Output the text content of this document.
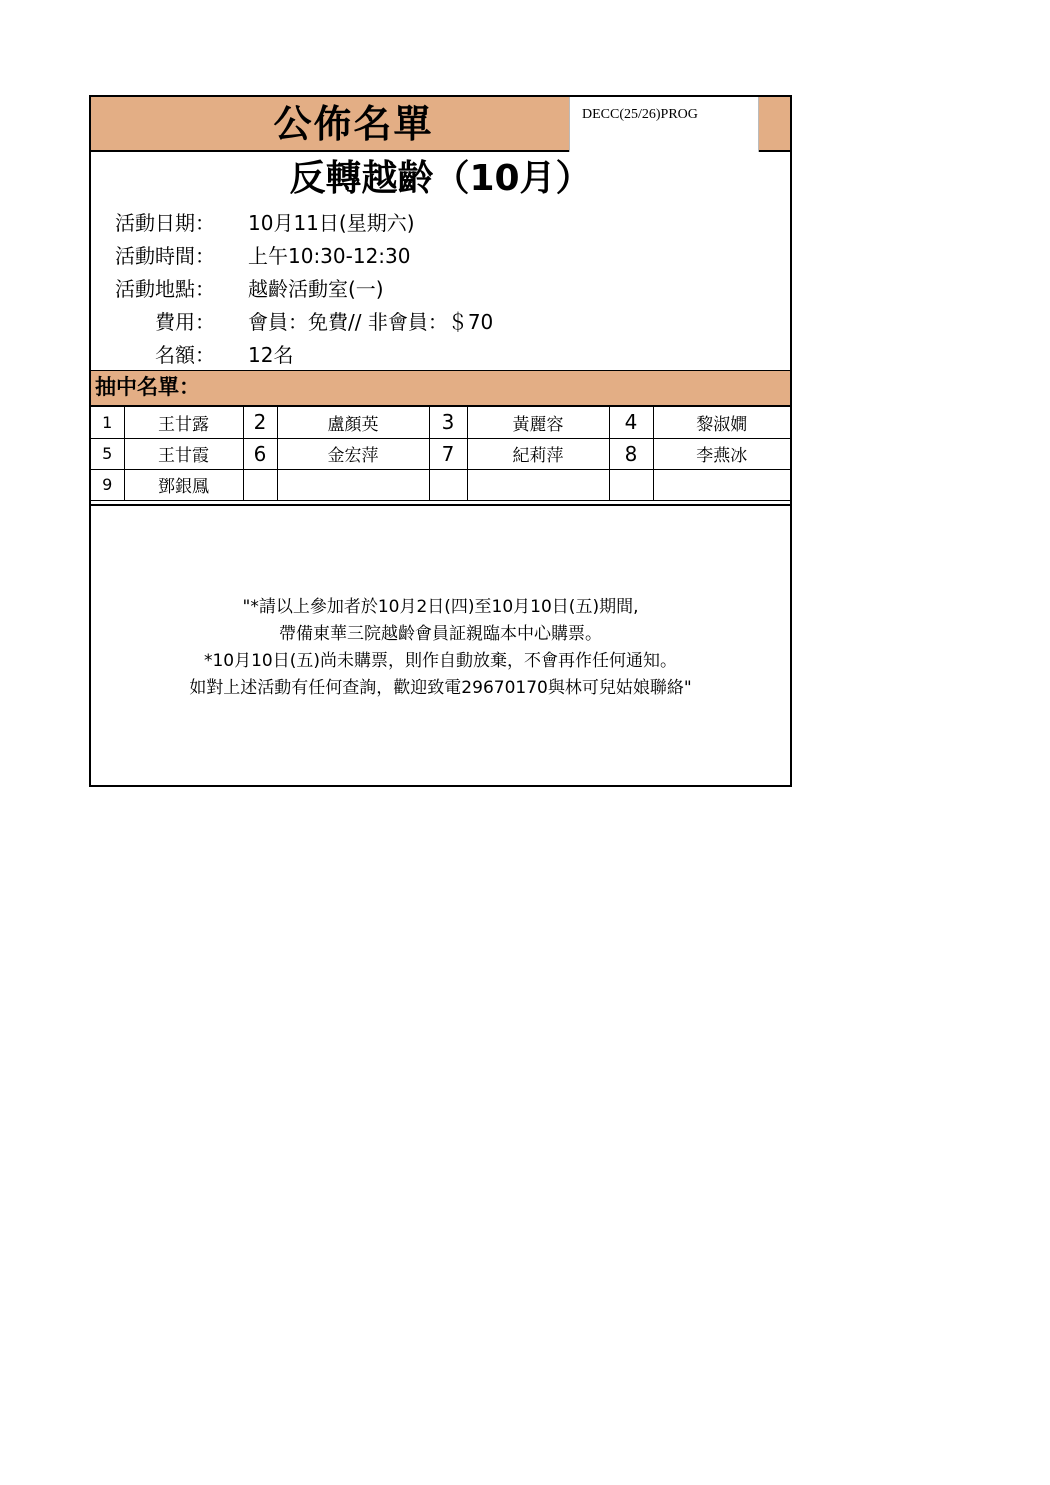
公佈名單	DECC(25/26)PROG
反轉越齡（10月）
活動日期： 10月11日(星期六)
活動時間： 上午10:30-12:30
活動地點： 越齡活動室(一)
費用： 會員：免費// 非會員：＄70
名額： 12名
抽中名單：
1	王甘露	2	盧顏英	3	黃麗容	4	黎淑嫺
5	王甘霞	6	金宏萍	7	紀莉萍	8	李燕冰
9	鄧銀鳳						
"*請以上參加者於10月2日(四)至10月10日(五)期間,
帶備東華三院越齡會員証親臨本中心購票。
*10月10日(五)尚未購票，則作自動放棄，不會再作任何通知。
如對上述活動有任何查詢，歡迎致電29670170與林可兒姑娘聯絡"
